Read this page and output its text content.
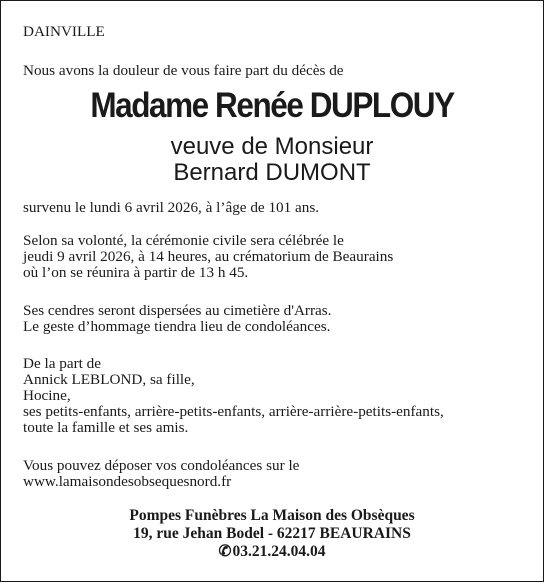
DAINVILLE
Nous avons la douleur de vous faire part du décès de
Madame Renée DUPLOUY
veuve de Monsieur
Bernard DUMONT
survenu le lundi 6 avril 2026, à l’âge de 101 ans.
Selon sa volonté, la cérémonie civile sera célébrée le
jeudi 9 avril 2026, à 14 heures, au crématorium de Beaurains
où l’on se réunira à partir de 13 h 45.
Ses cendres seront dispersées au cimetière d'Arras.
Le geste d’hommage tiendra lieu de condoléances.
De la part de
Annick LEBLOND, sa fille,
Hocine,
ses petits-enfants, arrière-petits-enfants, arrière-arrière-petits-enfants,
toute la famille et ses amis.
Vous pouvez déposer vos condoléances sur le
www.lamaisondesobsequesnord.fr
Pompes Funèbres La Maison des Obsèques
19, rue Jehan Bodel - 62217 BEAURAINS
✆03.21.24.04.04
